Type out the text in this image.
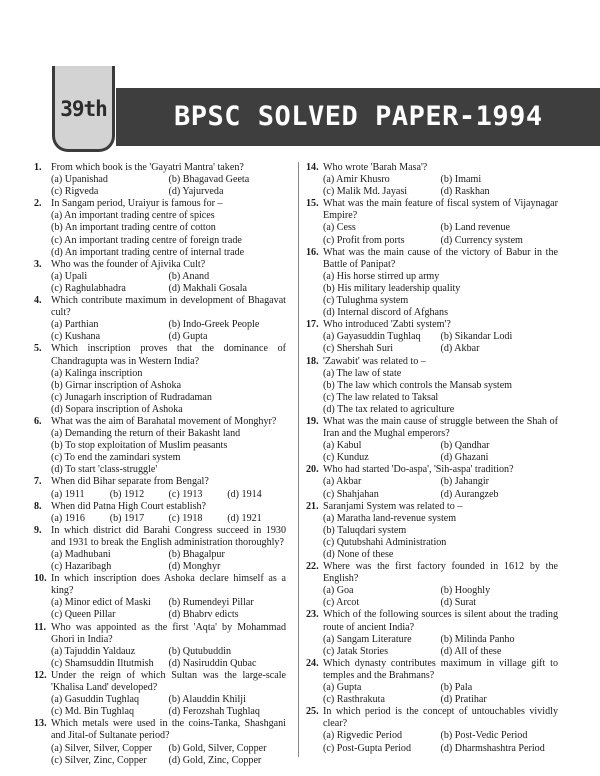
39th BPSC SOLVED PAPER-1994
1. From which book is the 'Gayatri Mantra' taken?
(a) Upanishad	(b) Bhagavad Geeta
(c) Rigveda	(d) Yajurveda
2. In Sangam period, Uraiyur is famous for –
(a) An important trading centre of spices
(b) An important trading centre of cotton
(c) An important trading centre of foreign trade
(d) An important trading centre of internal trade
3. Who was the founder of Ajivika Cult?
(a) Upali	(b) Anand
(c) Raghulabhadra	(d) Makhali Gosala
4. Which contribute maximum in development of Bhagavat cult?
(a) Parthian	(b) Indo-Greek People
(c) Kushana	(d) Gupta
5. Which inscription proves that the dominance of Chandragupta was in Western India?
(a) Kalinga inscription
(b) Girnar inscription of Ashoka
(c) Junagarh inscription of Rudradaman
(d) Sopara inscription of Ashoka
6. What was the aim of Barahatal movement of Monghyr?
(a) Demanding the return of their Bakasht land
(b) To stop exploitation of Muslim peasants
(c) To end the zamindari system
(d) To start 'class-struggle'
7. When did Bihar separate from Bengal?
(a) 1911	(b) 1912	(c) 1913	(d) 1914
8. When did Patna High Court establish?
(a) 1916	(b) 1917	(c) 1918	(d) 1921
9. In which district did Barahi Congress succeed in 1930 and 1931 to break the English administration thoroughly?
(a) Madhubani	(b) Bhagalpur
(c) Hazaribagh	(d) Monghyr
10. In which inscription does Ashoka declare himself as a king?
(a) Minor edict of Maski	(b) Rumendeyi Pillar
(c) Queen Pillar	(d) Bhabrv edicts
11. Who was appointed as the first 'Aqta' by Mohammad Ghori in India?
(a) Tajuddin Yaldauz	(b) Qutubuddin
(c) Shamsuddin Iltutmish	(d) Nasiruddin Qubac
12. Under the reign of which Sultan was the large-scale 'Khalisa Land' developed?
(a) Gasuddin Tughlaq	(b) Alauddin Khilji
(c) Md. Bin Tughlaq	(d) Ferozshah Tughlaq
13. Which metals were used in the coins-Tanka, Shashgani and Jital-of Sultanate period?
(a) Silver, Silver, Copper	(b) Gold, Silver, Copper
(c) Silver, Zinc, Copper	(d) Gold, Zinc, Copper
14. Who wrote 'Barah Masa'?
(a) Amir Khusro	(b) Imami
(c) Malik Md. Jayasi	(d) Raskhan
15. What was the main feature of fiscal system of Vijaynagar Empire?
(a) Cess	(b) Land revenue
(c) Profit from ports	(d) Currency system
16. What was the main cause of the victory of Babur in the Battle of Panipat?
(a) His horse stirred up army
(b) His military leadership quality
(c) Tulughma system
(d) Internal discord of Afghans
17. Who introduced 'Zabti system'?
(a) Gayasuddin Tughlaq	(b) Sikandar Lodi
(c) Shershah Suri	(d) Akbar
18. 'Zawabit' was related to –
(a) The law of state
(b) The law which controls the Mansab system
(c) The law related to Taksal
(d) The tax related to agriculture
19. What was the main cause of struggle between the Shah of Iran and the Mughal emperors?
(a) Kabul	(b) Qandhar
(c) Kunduz	(d) Ghazani
20. Who had started 'Do-aspa', 'Sih-aspa' tradition?
(a) Akbar	(b) Jahangir
(c) Shahjahan	(d) Aurangzeb
21. Saranjami System was related to –
(a) Maratha land-revenue system
(b) Taluqdari system
(c) Qutubshahi Administration
(d) None of these
22. Where was the first factory founded in 1612 by the English?
(a) Goa	(b) Hooghly
(c) Arcot	(d) Surat
23. Which of the following sources is silent about the trading route of ancient India?
(a) Sangam Literature	(b) Milinda Panho
(c) Jatak Stories	(d) All of these
24. Which dynasty contributes maximum in village gift to temples and the Brahmans?
(a) Gupta	(b) Pala
(c) Rasthrakuta	(d) Pratihar
25. In which period is the concept of untouchables vividly clear?
(a) Rigvedic Period	(b) Post-Vedic Period
(c) Post-Gupta Period	(d) Dharmshashtra Period
